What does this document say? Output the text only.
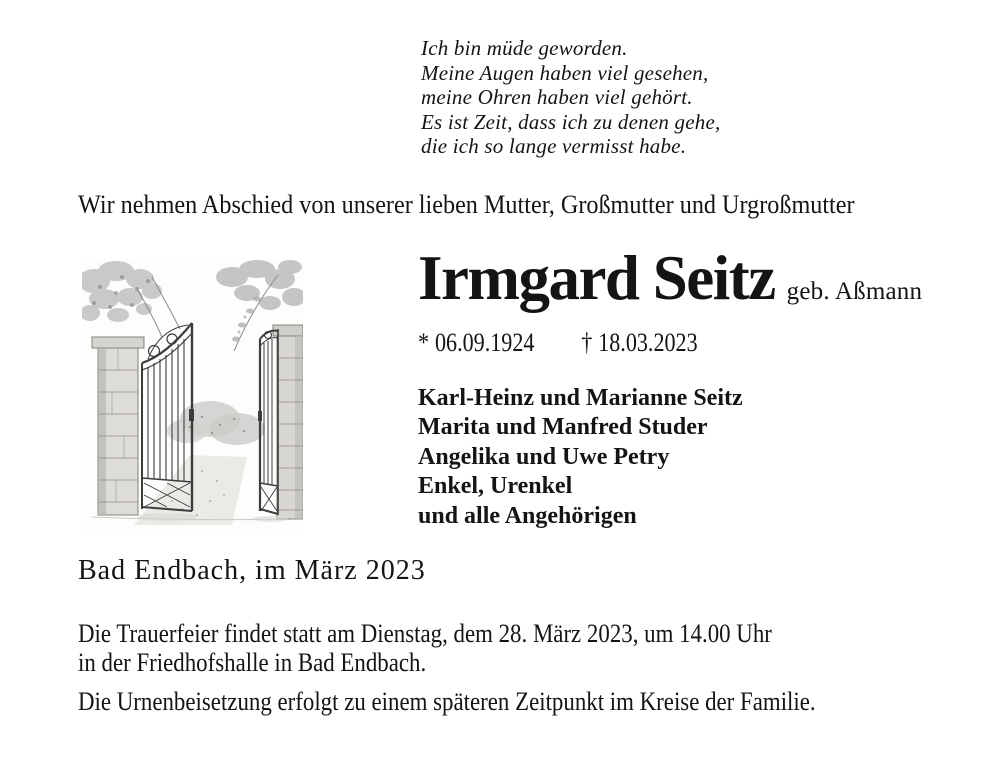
Ich bin müde geworden.
Meine Augen haben viel gesehen,
meine Ohren haben viel gehört.
Es ist Zeit, dass ich zu denen gehe,
die ich so lange vermisst habe.
Wir nehmen Abschied von unserer lieben Mutter, Großmutter und Urgroßmutter
Irmgard Seitz geb. Aßmann
* 06.09.1924 † 18.03.2023
Karl-Heinz und Marianne Seitz
Marita und Manfred Studer
Angelika und Uwe Petry
Enkel, Urenkel
und alle Angehörigen
Bad Endbach, im März 2023
Die Trauerfeier findet statt am Dienstag, dem 28. März 2023, um 14.00 Uhr
in der Friedhofshalle in Bad Endbach.
Die Urnenbeisetzung erfolgt zu einem späteren Zeitpunkt im Kreise der Familie.
